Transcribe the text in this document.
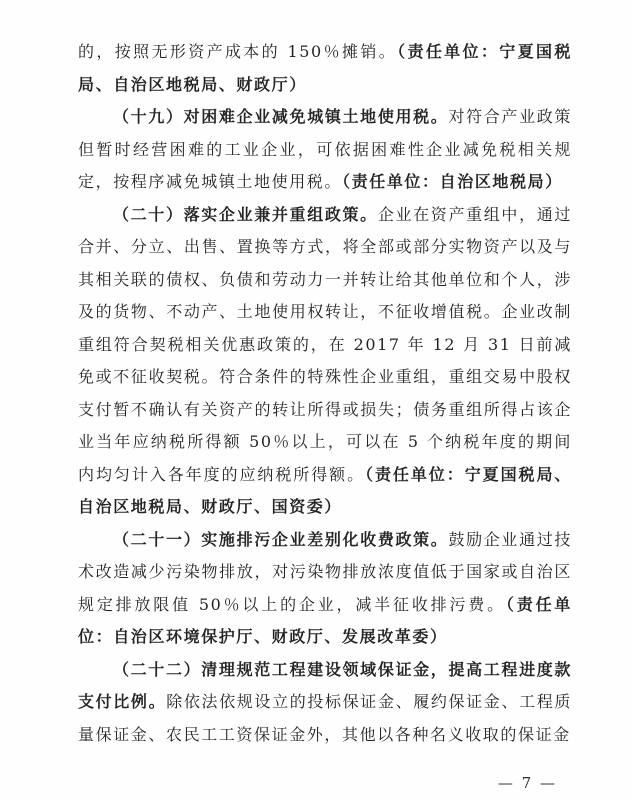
的，按照无形资产成本的 150％摊销。（责任单位：宁夏国税局、自治区地税局、财政厅）

（十九）对困难企业减免城镇土地使用税。对符合产业政策但暂时经营困难的工业企业，可依据困难性企业减免税相关规定，按程序减免城镇土地使用税。（责任单位：自治区地税局）

（二十）落实企业兼并重组政策。企业在资产重组中，通过合并、分立、出售、置换等方式，将全部或部分实物资产以及与其相关联的债权、负债和劳动力一并转让给其他单位和个人，涉及的货物、不动产、土地使用权转让，不征收增值税。企业改制重组符合契税相关优惠政策的，在 2017 年 12 月 31 日前减免或不征收契税。符合条件的特殊性企业重组，重组交易中股权支付暂不确认有关资产的转让所得或损失；债务重组所得占该企业当年应纳税所得额 50％以上，可以在 5 个纳税年度的期间内均匀计入各年度的应纳税所得额。（责任单位：宁夏国税局、自治区地税局、财政厅、国资委）

（二十一）实施排污企业差别化收费政策。鼓励企业通过技术改造减少污染物排放，对污染物排放浓度值低于国家或自治区规定排放限值 50％以上的企业，减半征收排污费。（责任单位：自治区环境保护厅、财政厅、发展改革委）

（二十二）清理规范工程建设领域保证金，提高工程进度款支付比例。除依法依规设立的投标保证金、履约保证金、工程质量保证金、农民工工资保证金外，其他以各种名义收取的保证金

— 7 —
